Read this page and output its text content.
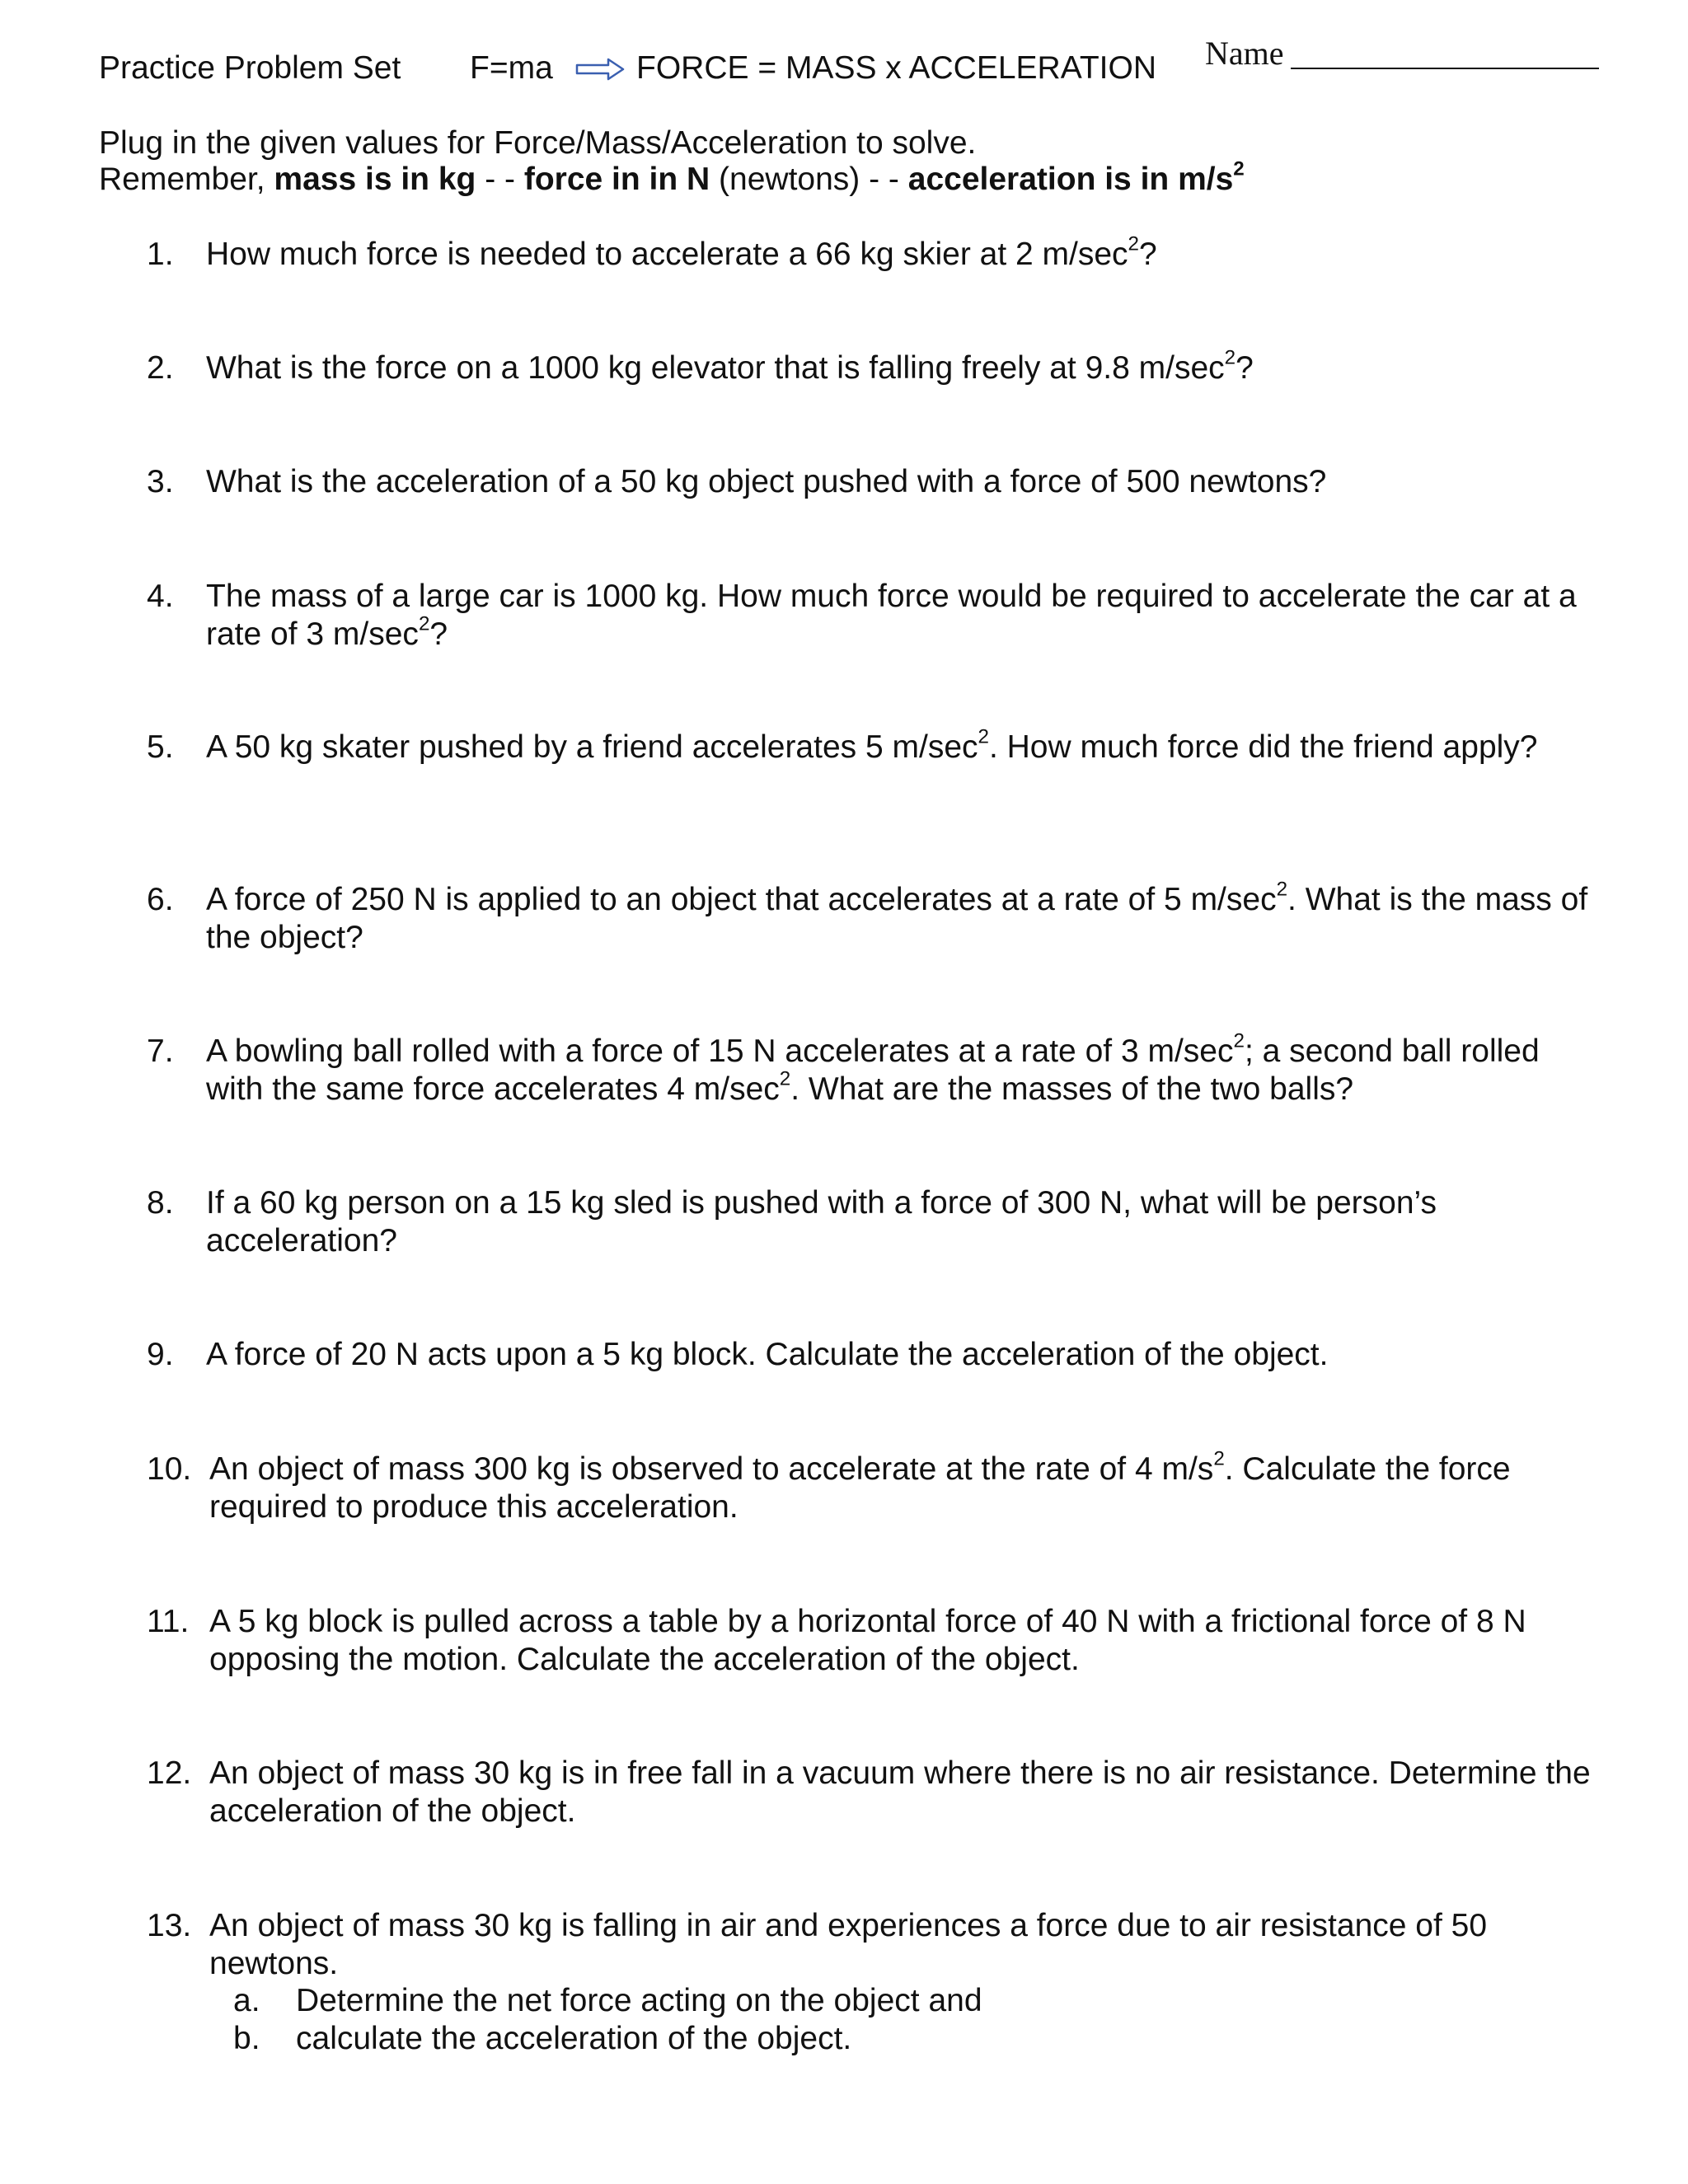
Practice Problem Set F=ma	FORCE = MASS x ACCELERATION Name
Plug in the given values for Force/Mass/Acceleration to solve.
Remember, mass is in kg - - force in in N (newtons) - - acceleration is in $m/s^2$
1.	How much force is needed to accelerate a 66 kg skier at 2 $m/\sec^2$?
2.	What is the force on a 1000 kg elevator that is falling freely at 9.8 $m/\sec^2$?
3.	What is the acceleration of a 50 kg object pushed with a force of 500 newtons?
4.	The mass of a large car is 1000 kg. How much force would be required to accelerate the car at a rate of 3 $m/\sec^2$?
5.	A 50 kg skater pushed by a friend accelerates 5 $m/\sec^2$. How much force did the friend apply?
6.	A force of 250 N is applied to an object that accelerates at a rate of 5 $m/\sec^2$. What is the mass of the object?
7.	A bowling ball rolled with a force of 15 N accelerates at a rate of 3 $m/\sec^2$; a second ball rolled with the same force accelerates 4 $m/\sec^2$. What are the masses of the two balls?
8.	If a 60 kg person on a 15 kg sled is pushed with a force of 300 N, what will be person’s acceleration?
9.	A force of 20 N acts upon a 5 kg block. Calculate the acceleration of the object.
10. An object of mass 300 kg is observed to accelerate at the rate of 4 $m/s^2$. Calculate the force required to produce this acceleration.
11. A 5 kg block is pulled across a table by a horizontal force of 40 N with a frictional force of 8 N opposing the motion. Calculate the acceleration of the object.
12. An object of mass 30 kg is in free fall in a vacuum where there is no air resistance. Determine the acceleration of the object.
13. An object of mass 30 kg is falling in air and experiences a force due to air resistance of 50 newtons.
a. Determine the net force acting on the object and
b. calculate the acceleration of the object.
